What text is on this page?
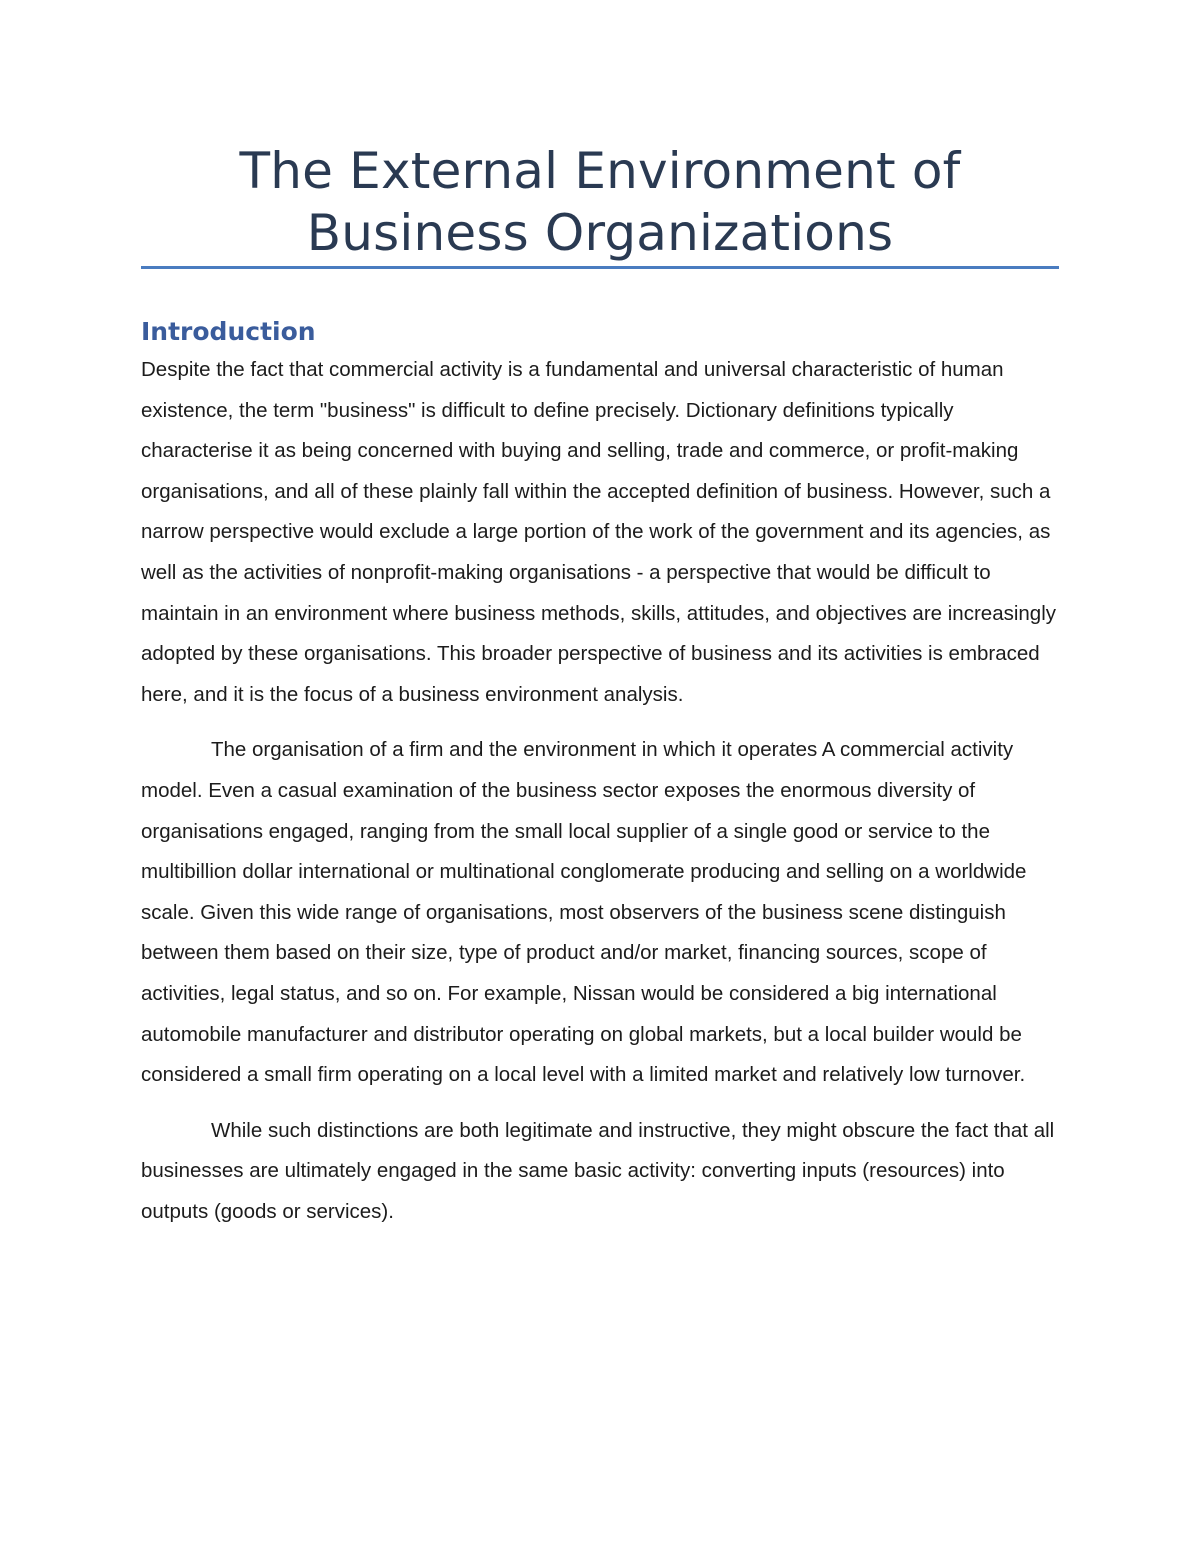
The External Environment of
Business Organizations
Introduction

Despite the fact that commercial activity is a fundamental and universal characteristic of human existence, the term "business" is difficult to define precisely. Dictionary definitions typically characterise it as being concerned with buying and selling, trade and commerce, or profit-making organisations, and all of these plainly fall within the accepted definition of business. However, such a narrow perspective would exclude a large portion of the work of the government and its agencies, as well as the activities of nonprofit-making organisations - a perspective that would be difficult to maintain in an environment where business methods, skills, attitudes, and objectives are increasingly adopted by these organisations. This broader perspective of business and its activities is embraced here, and it is the focus of a business environment analysis.

The organisation of a firm and the environment in which it operates A commercial activity model. Even a casual examination of the business sector exposes the enormous diversity of organisations engaged, ranging from the small local supplier of a single good or service to the multibillion dollar international or multinational conglomerate producing and selling on a worldwide scale. Given this wide range of organisations, most observers of the business scene distinguish between them based on their size, type of product and/or market, financing sources, scope of activities, legal status, and so on. For example, Nissan would be considered a big international automobile manufacturer and distributor operating on global markets, but a local builder would be considered a small firm operating on a local level with a limited market and relatively low turnover.

While such distinctions are both legitimate and instructive, they might obscure the fact that all businesses are ultimately engaged in the same basic activity: converting inputs (resources) into outputs (goods or services).
